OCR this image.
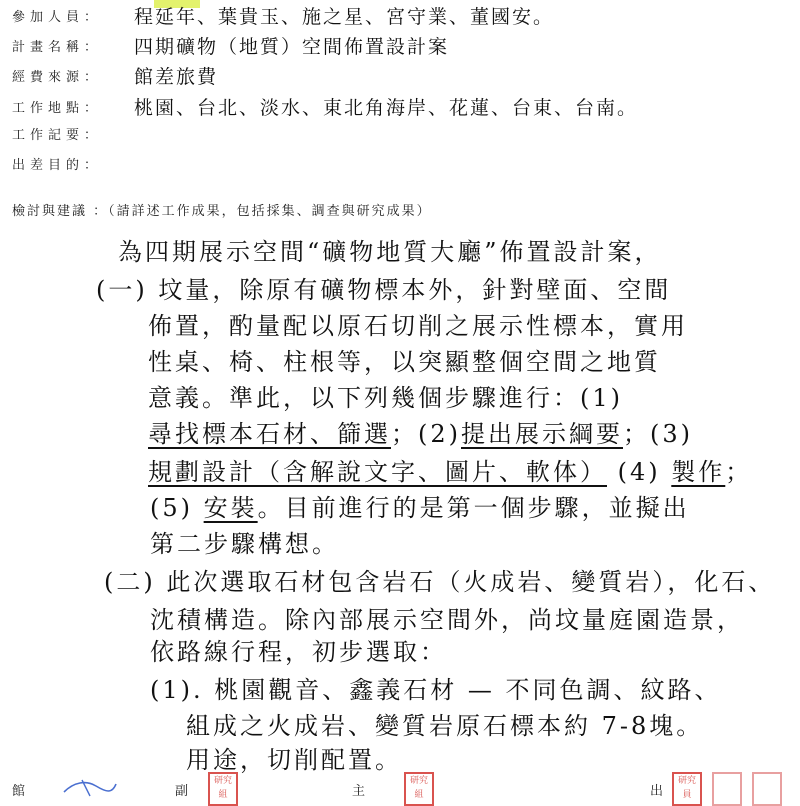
參加人員：	程延年、葉貴玉、施之星、宮守業、董國安。
計畫名稱：	四期礦物（地質）空間佈置設計案
經費來源：	館差旅費
工作地點：	桃園、台北、淡水、東北角海岸、花蓮、台東、台南。
工作記要：
出差目的：
檢討與建議 ：（請詳述工作成果，包括採集、調查與研究成果）
為四期展示空間“礦物地質大廳”佈置設計案，
(一) 坟量，除原有礦物標本外，針對壁面、空間
佈置，酌量配以原石切削之展示性標本，實用
性桌、椅、柱根等，以突顯整個空間之地質
意義。準此，以下列幾個步驟進行：(1)
尋找標本石材、篩選；(2)提出展示綱要；(3)
規劃設計（含解說文字、圖片、軟体） (4) 製作；
(5) 安裝。目前進行的是第一個步驟，並擬出
第二步驟構想。
(二) 此次選取石材包含岩石（火成岩、變質岩），化石、
沈積構造。除內部展示空間外，尚坟量庭園造景，
依路線行程，初步選取：
(1). 桃園觀音、鑫義石材 — 不同色調、紋路、
組成之火成岩、變質岩原石標本約 7-8塊。
用途，切削配置。
館	副
研究組	主
研究組	出
研究員
